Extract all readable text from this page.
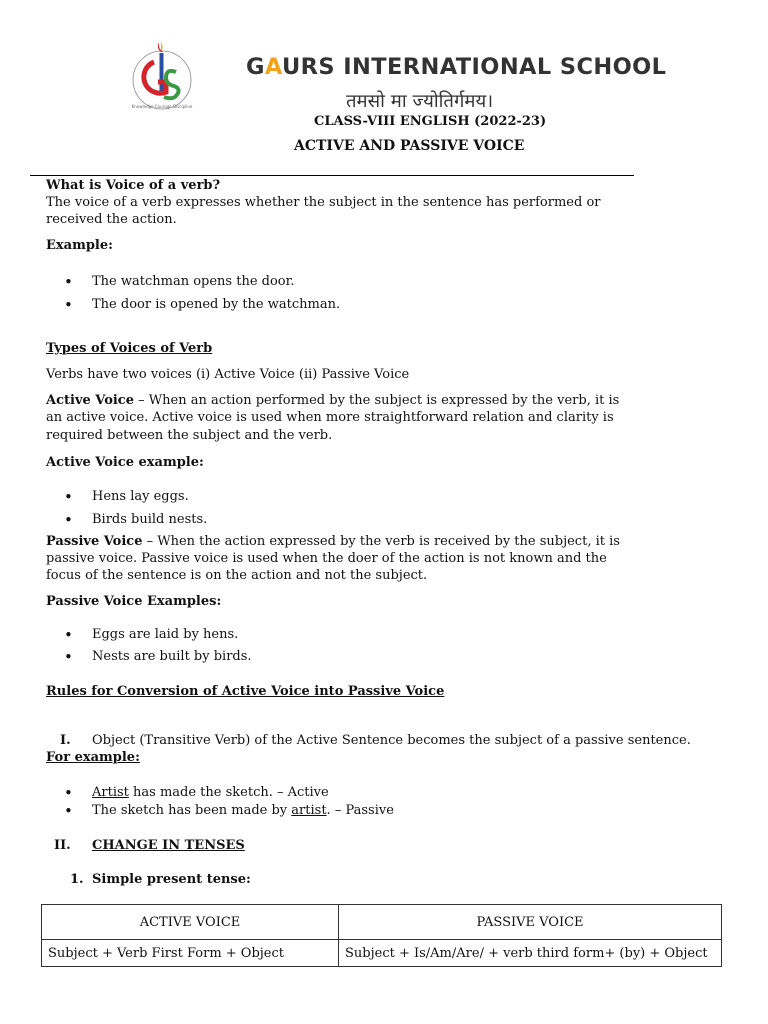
Knowledge Courage Discipline
GAURS INTERNATIONAL SCHOOL
तमसो मा ज्योतिर्गमय।
CLASS-VIII ENGLISH (2022-23)
ACTIVE AND PASSIVE VOICE
What is Voice of a verb?
The voice of a verb expresses whether the subject in the sentence has performed or
received the action.
Example:
• The watchman opens the door.
• The door is opened by the watchman.
Types of Voices of Verb
Verbs have two voices (i) Active Voice (ii) Passive Voice
Active Voice – When an action performed by the subject is expressed by the verb, it is
an active voice. Active voice is used when more straightforward relation and clarity is
required between the subject and the verb.
Active Voice example:
• Hens lay eggs.
• Birds build nests.
Passive Voice – When the action expressed by the verb is received by the subject, it is
passive voice. Passive voice is used when the doer of the action is not known and the
focus of the sentence is on the action and not the subject.
Passive Voice Examples:
• Eggs are laid by hens.
• Nests are built by birds.
Rules for Conversion of Active Voice into Passive Voice
I. Object (Transitive Verb) of the Active Sentence becomes the subject of a passive sentence.
For example:
• Artist has made the sketch. – Active
• The sketch has been made by artist. – Passive
II. CHANGE IN TENSES
1. Simple present tense:
ACTIVE VOICE	PASSIVE VOICE
Subject + Verb First Form + Object	Subject + Is/Am/Are/ + verb third form+ (by) + Object
